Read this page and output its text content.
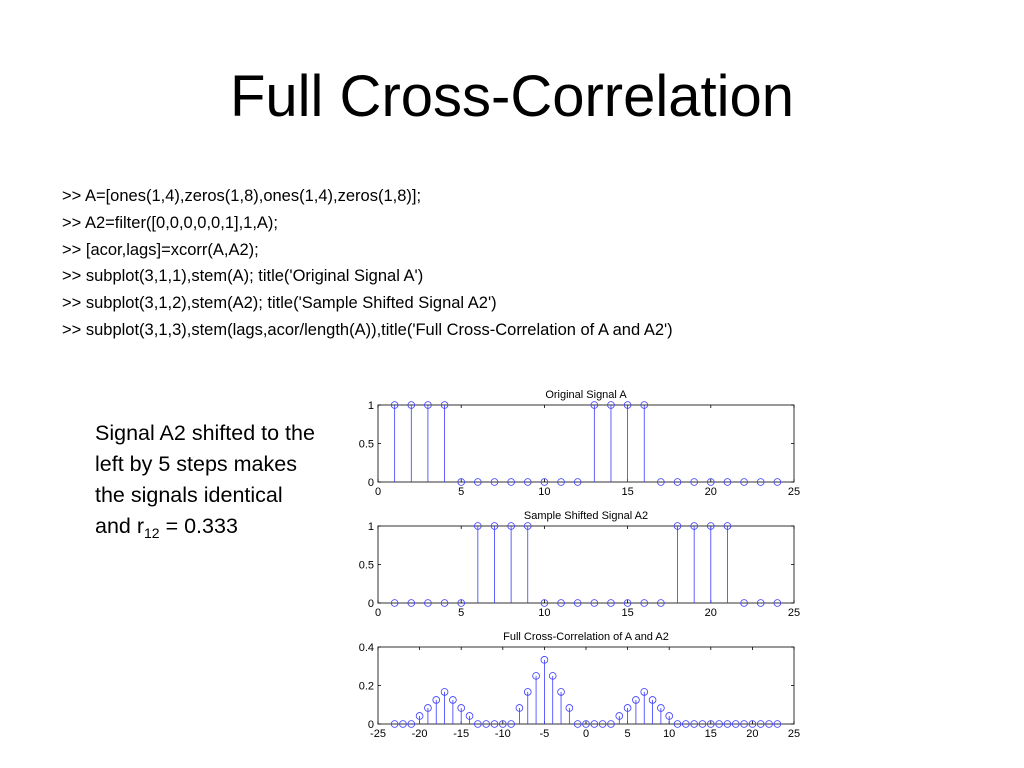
Full Cross-Correlation
>> A=[ones(1,4),zeros(1,8),ones(1,4),zeros(1,8)];
>> A2=filter([0,0,0,0,0,1],1,A);
>> [acor,lags]=xcorr(A,A2);
>> subplot(3,1,1),stem(A); title('Original Signal A')
>> subplot(3,1,2),stem(A2); title('Sample Shifted Signal A2')
>> subplot(3,1,3),stem(lags,acor/length(A)),title('Full Cross-Correlation of A and A2')
Signal A2 shifted to the left by 5 steps makes the signals identical and $r_{12} = 0.333$
Original Signal A
0	5	10	15	20	25
0
0.5
1
Sample Shifted Signal A2
0	5	10	15	20	25
0
0.5
1
Full Cross-Correlation of A and A2
-25 -20 -15 -10	-5	0	5	10	15	20	25
0
0.2
0.4
